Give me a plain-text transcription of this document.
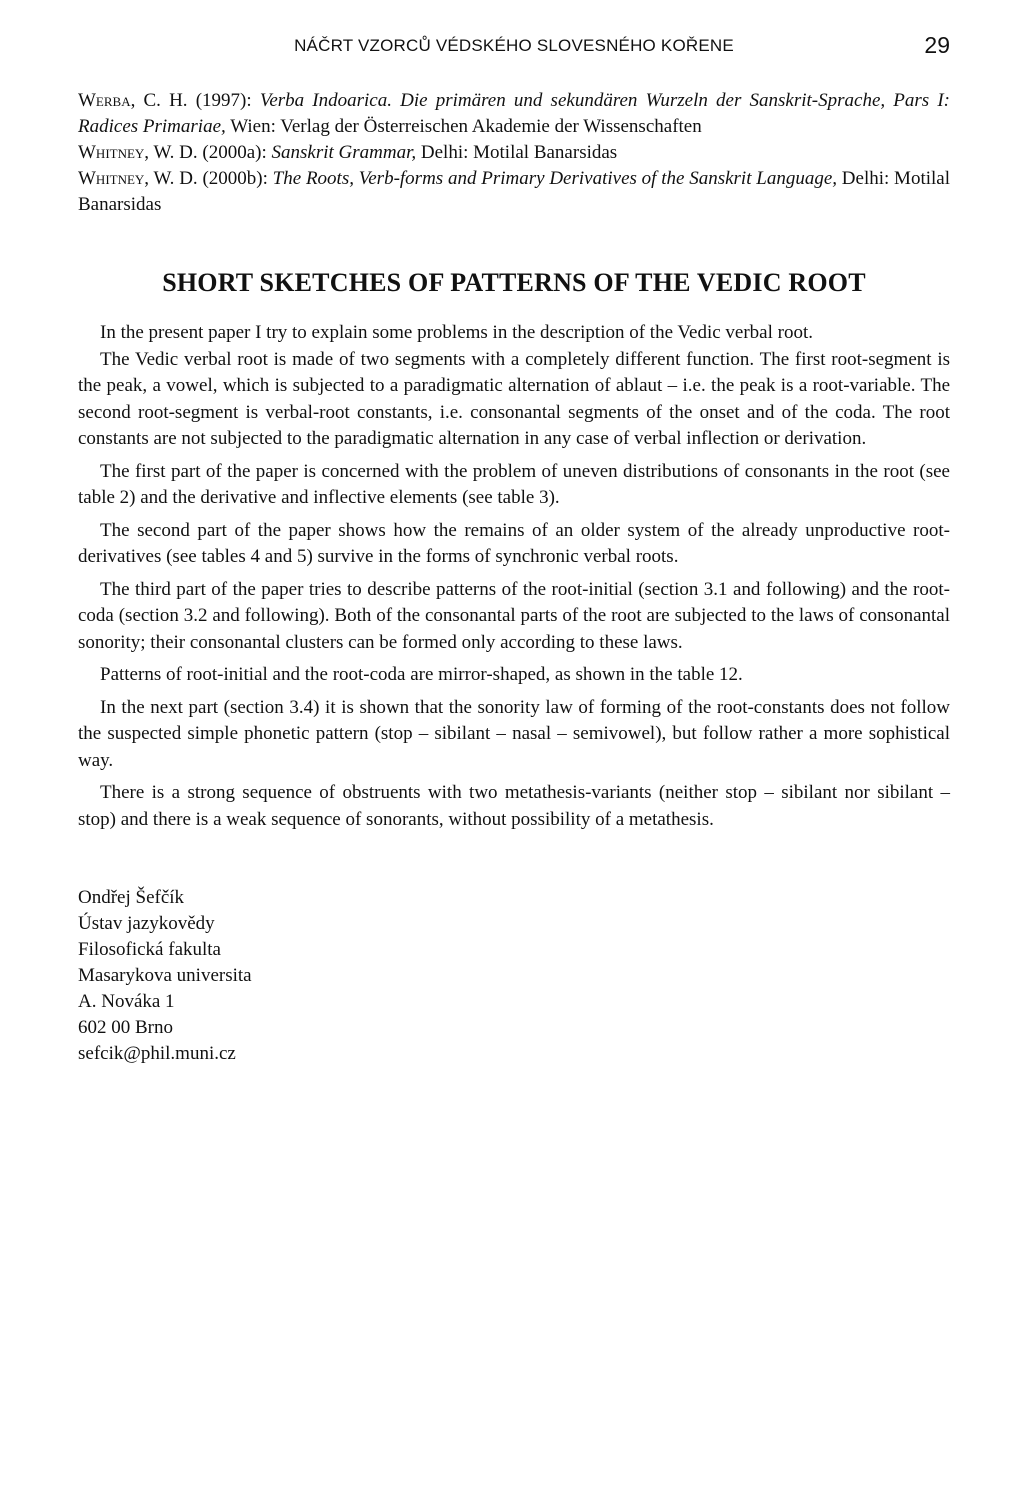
NÁČRT VZORCŮ VÉDSKÉHO SLOVESNÉHO KOŘENE	29
Werba, C. H. (1997): Verba Indoarica. Die primären und sekundären Wurzeln der Sanskrit-Sprache, Pars I: Radices Primariae, Wien: Verlag der Österreischen Akademie der Wissenschaften
Whitney, W. D. (2000a): Sanskrit Grammar, Delhi: Motilal Banarsidas
Whitney, W. D. (2000b): The Roots, Verb-forms and Primary Derivatives of the Sanskrit Language, Delhi: Motilal Banarsidas
SHORT SKETCHES OF PATTERNS OF THE VEDIC ROOT

In the present paper I try to explain some problems in the description of the Vedic verbal root.

The Vedic verbal root is made of two segments with a completely different function. The first root-segment is the peak, a vowel, which is subjected to a paradigmatic alternation of ablaut – i.e. the peak is a root-variable. The second root-segment is verbal-root constants, i.e. consonantal segments of the onset and of the coda. The root constants are not subjected to the paradigmatic alternation in any case of verbal inflection or derivation.

The first part of the paper is concerned with the problem of uneven distributions of consonants in the root (see table 2) and the derivative and inflective elements (see table 3).

The second part of the paper shows how the remains of an older system of the already unproductive root-derivatives (see tables 4 and 5) survive in the forms of synchronic verbal roots.

The third part of the paper tries to describe patterns of the root-initial (section 3.1 and following) and the root-coda (section 3.2 and following). Both of the consonantal parts of the root are subjected to the laws of consonantal sonority; their consonantal clusters can be formed only according to these laws.

Patterns of root-initial and the root-coda are mirror-shaped, as shown in the table 12.

In the next part (section 3.4) it is shown that the sonority law of forming of the root-constants does not follow the suspected simple phonetic pattern (stop – sibilant – nasal – semivowel), but follow rather a more sophistical way.

There is a strong sequence of obstruents with two metathesis-variants (neither stop – sibilant nor sibilant – stop) and there is a weak sequence of sonorants, without possibility of a metathesis.

Ondřej Šefčík
Ústav jazykovědy
Filosofická fakulta
Masarykova universita
A. Nováka 1
602 00 Brno
sefcik@phil.muni.cz
